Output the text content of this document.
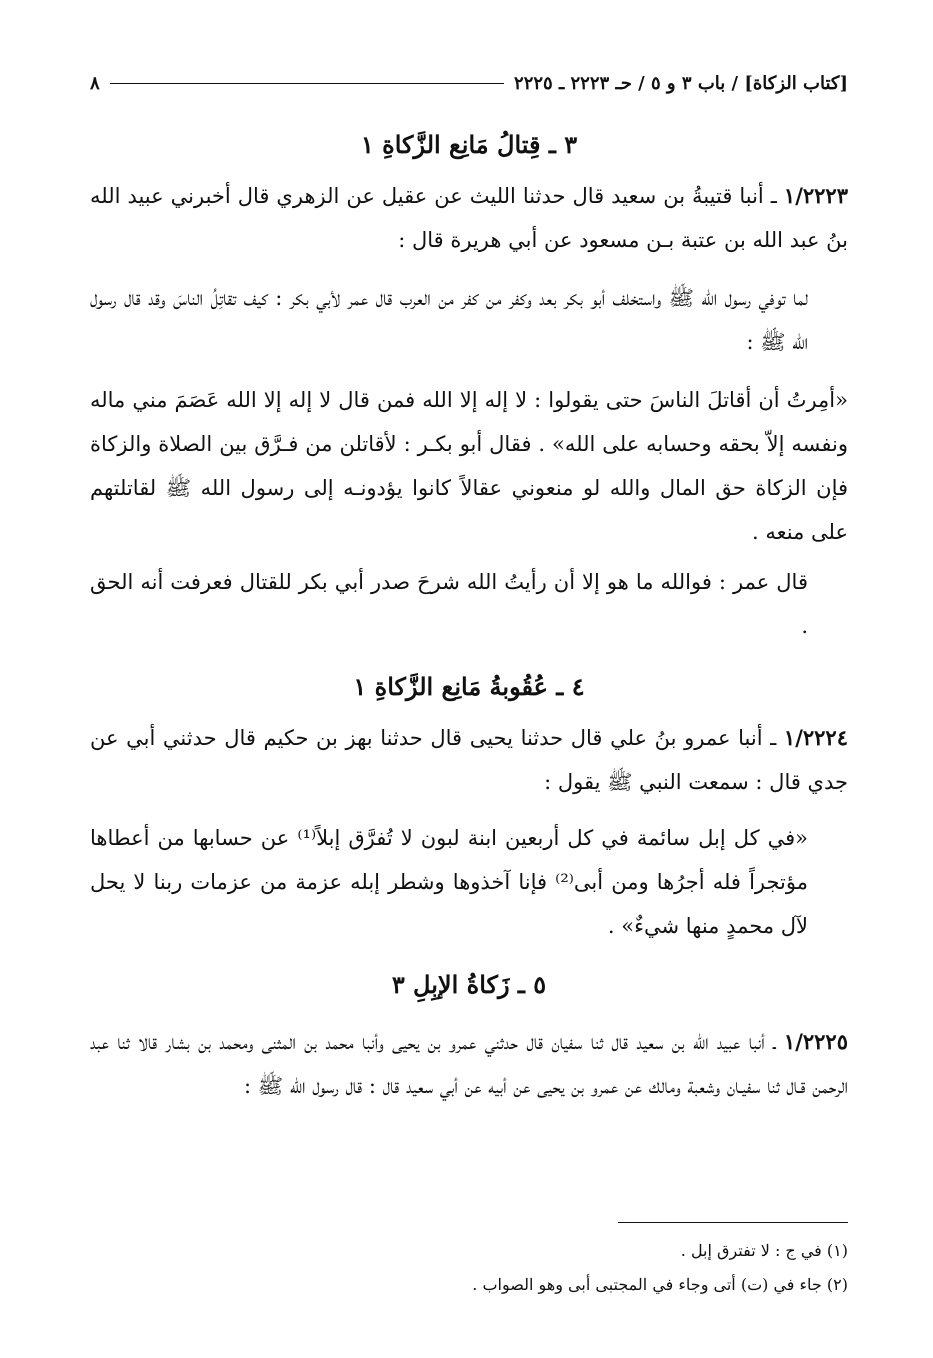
[كتاب الزكاة] / باب ٣ و ٥ / حـ ٢٢٢٣ ـ ٢٢٢٥
٨
٣ ـ قِتالُ مَانِع الزَّكاةِ ١
١/٢٢٢٣ ـ أنبا قتيبةُ بن سعيد قال حدثنا الليث عن عقيل عن الزهري قال أخبرني عبيد الله بنُ عبد الله بن عتبة بـن مسعود عن أبي هريرة قال :
لما توفي رسول الله ﷺ واستخلف أبو بكر بعد وكفر من كفر من العرب قال عمر لأبي بكر : كيف تقاتِلُ الناسَ وقد قال رسول الله ﷺ :
«أمِرتُ أن أقاتلَ الناسَ حتى يقولوا : لا إله إلا الله فمن قال لا إله إلا الله عَصَمَ مني ماله ونفسه إلاّ بحقه وحسابه على الله» . فقال أبو بكـر : لأقاتلن من فـرَّق بين الصلاة والزكاة فإن الزكاة حق المال والله لو منعوني عقالاً كانوا يؤدونـه إلى رسول الله ﷺ لقاتلتهم على منعه .
قال عمر : فوالله ما هو إلا أن رأيتُ الله شرحَ صدر أبي بكر للقتال فعرفت أنه الحق .
٤ ـ عُقُوبةُ مَانِع الزَّكاةِ ١
١/٢٢٢٤ ـ أنبا عمرو بنُ علي قال حدثنا يحيى قال حدثنا بهز بن حكيم قال حدثني أبي عن جدي قال : سمعت النبي ﷺ يقول :
«في كل إبل سائمة في كل أربعين ابنة لبون لا تُفرَّق إبلاً⁽¹⁾ عن حسابها من أعطاها مؤتجراً فله أجرُها ومن أبى⁽²⁾ فإنا آخذوها وشطر إبله عزمة من عزمات ربنا لا يحل لآل محمدٍ منها شيءٌ» .
٥ ـ زَكاةُ الإبِلِ ٣
١/٢٢٢٥ ـ أنبا عبيد الله بن سعيد قال ثنا سفيان قال حدثني عمرو بن يحيى وأنبا محمد بن المثنى ومحمد بن بشار قالا ثنا عبد الرحمن قـال ثنا سفيـان وشعبة ومالك عن عمرو بن يحيى عن أبيه عن أبي سعيد قال : قال رسول الله ﷺ :
(١) في ج : لا تفترق إبل .
(٢) جاء في (ت) أتى وجاء في المجتبى أبى وهو الصواب .
